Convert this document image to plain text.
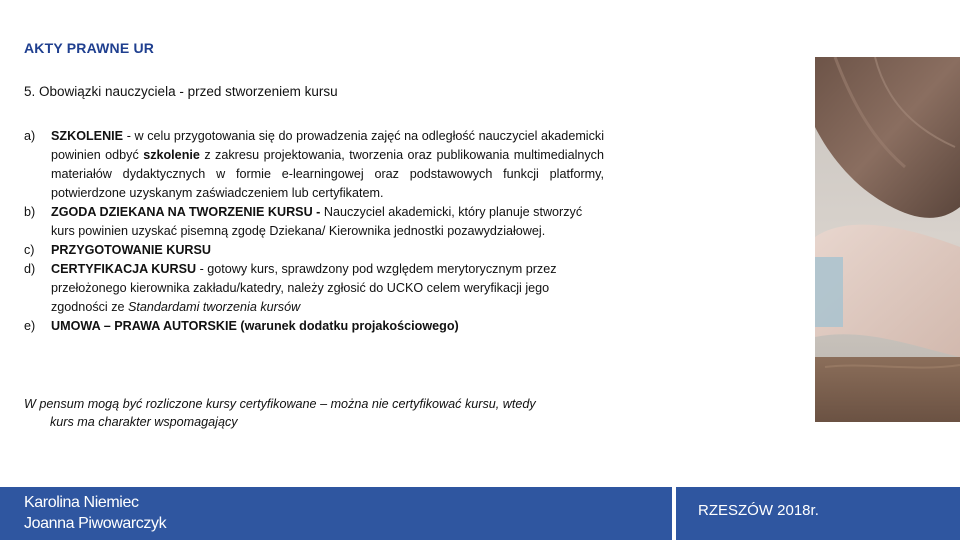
AKTY PRAWNE UR
5. Obowiązki nauczyciela - przed stworzeniem kursu
a)	SZKOLENIE - w celu przygotowania się do prowadzenia zajęć na odległość nauczyciel akademicki powinien odbyć szkolenie z zakresu projektowania, tworzenia oraz publikowania multimedialnych materiałów dydaktycznych w formie e-learningowej oraz podstawowych funkcji platformy, potwierdzone uzyskanym zaświadczeniem lub certyfikatem.
b)	ZGODA DZIEKANA NA TWORZENIE KURSU - Nauczyciel akademicki, który planuje stworzyć kurs powinien uzyskać pisemną zgodę Dziekana/ Kierownika jednostki pozawydziałowej.
c)	PRZYGOTOWANIE KURSU
d)	CERTYFIKACJA KURSU - gotowy kurs, sprawdzony pod względem merytorycznym przez przełożonego kierownika zakładu/katedry, należy zgłosić do UCKO celem weryfikacji jego zgodności ze Standardami tworzenia kursów
e)	UMOWA – PRAWA AUTORSKIE (warunek dodatku projakościowego)
W pensum mogą być rozliczone kursy certyfikowane – można nie certyfikować kursu, wtedy
kurs ma charakter wspomagający
Karolina Niemiec
Joanna Piwowarczyk
RZESZÓW 2018r.
